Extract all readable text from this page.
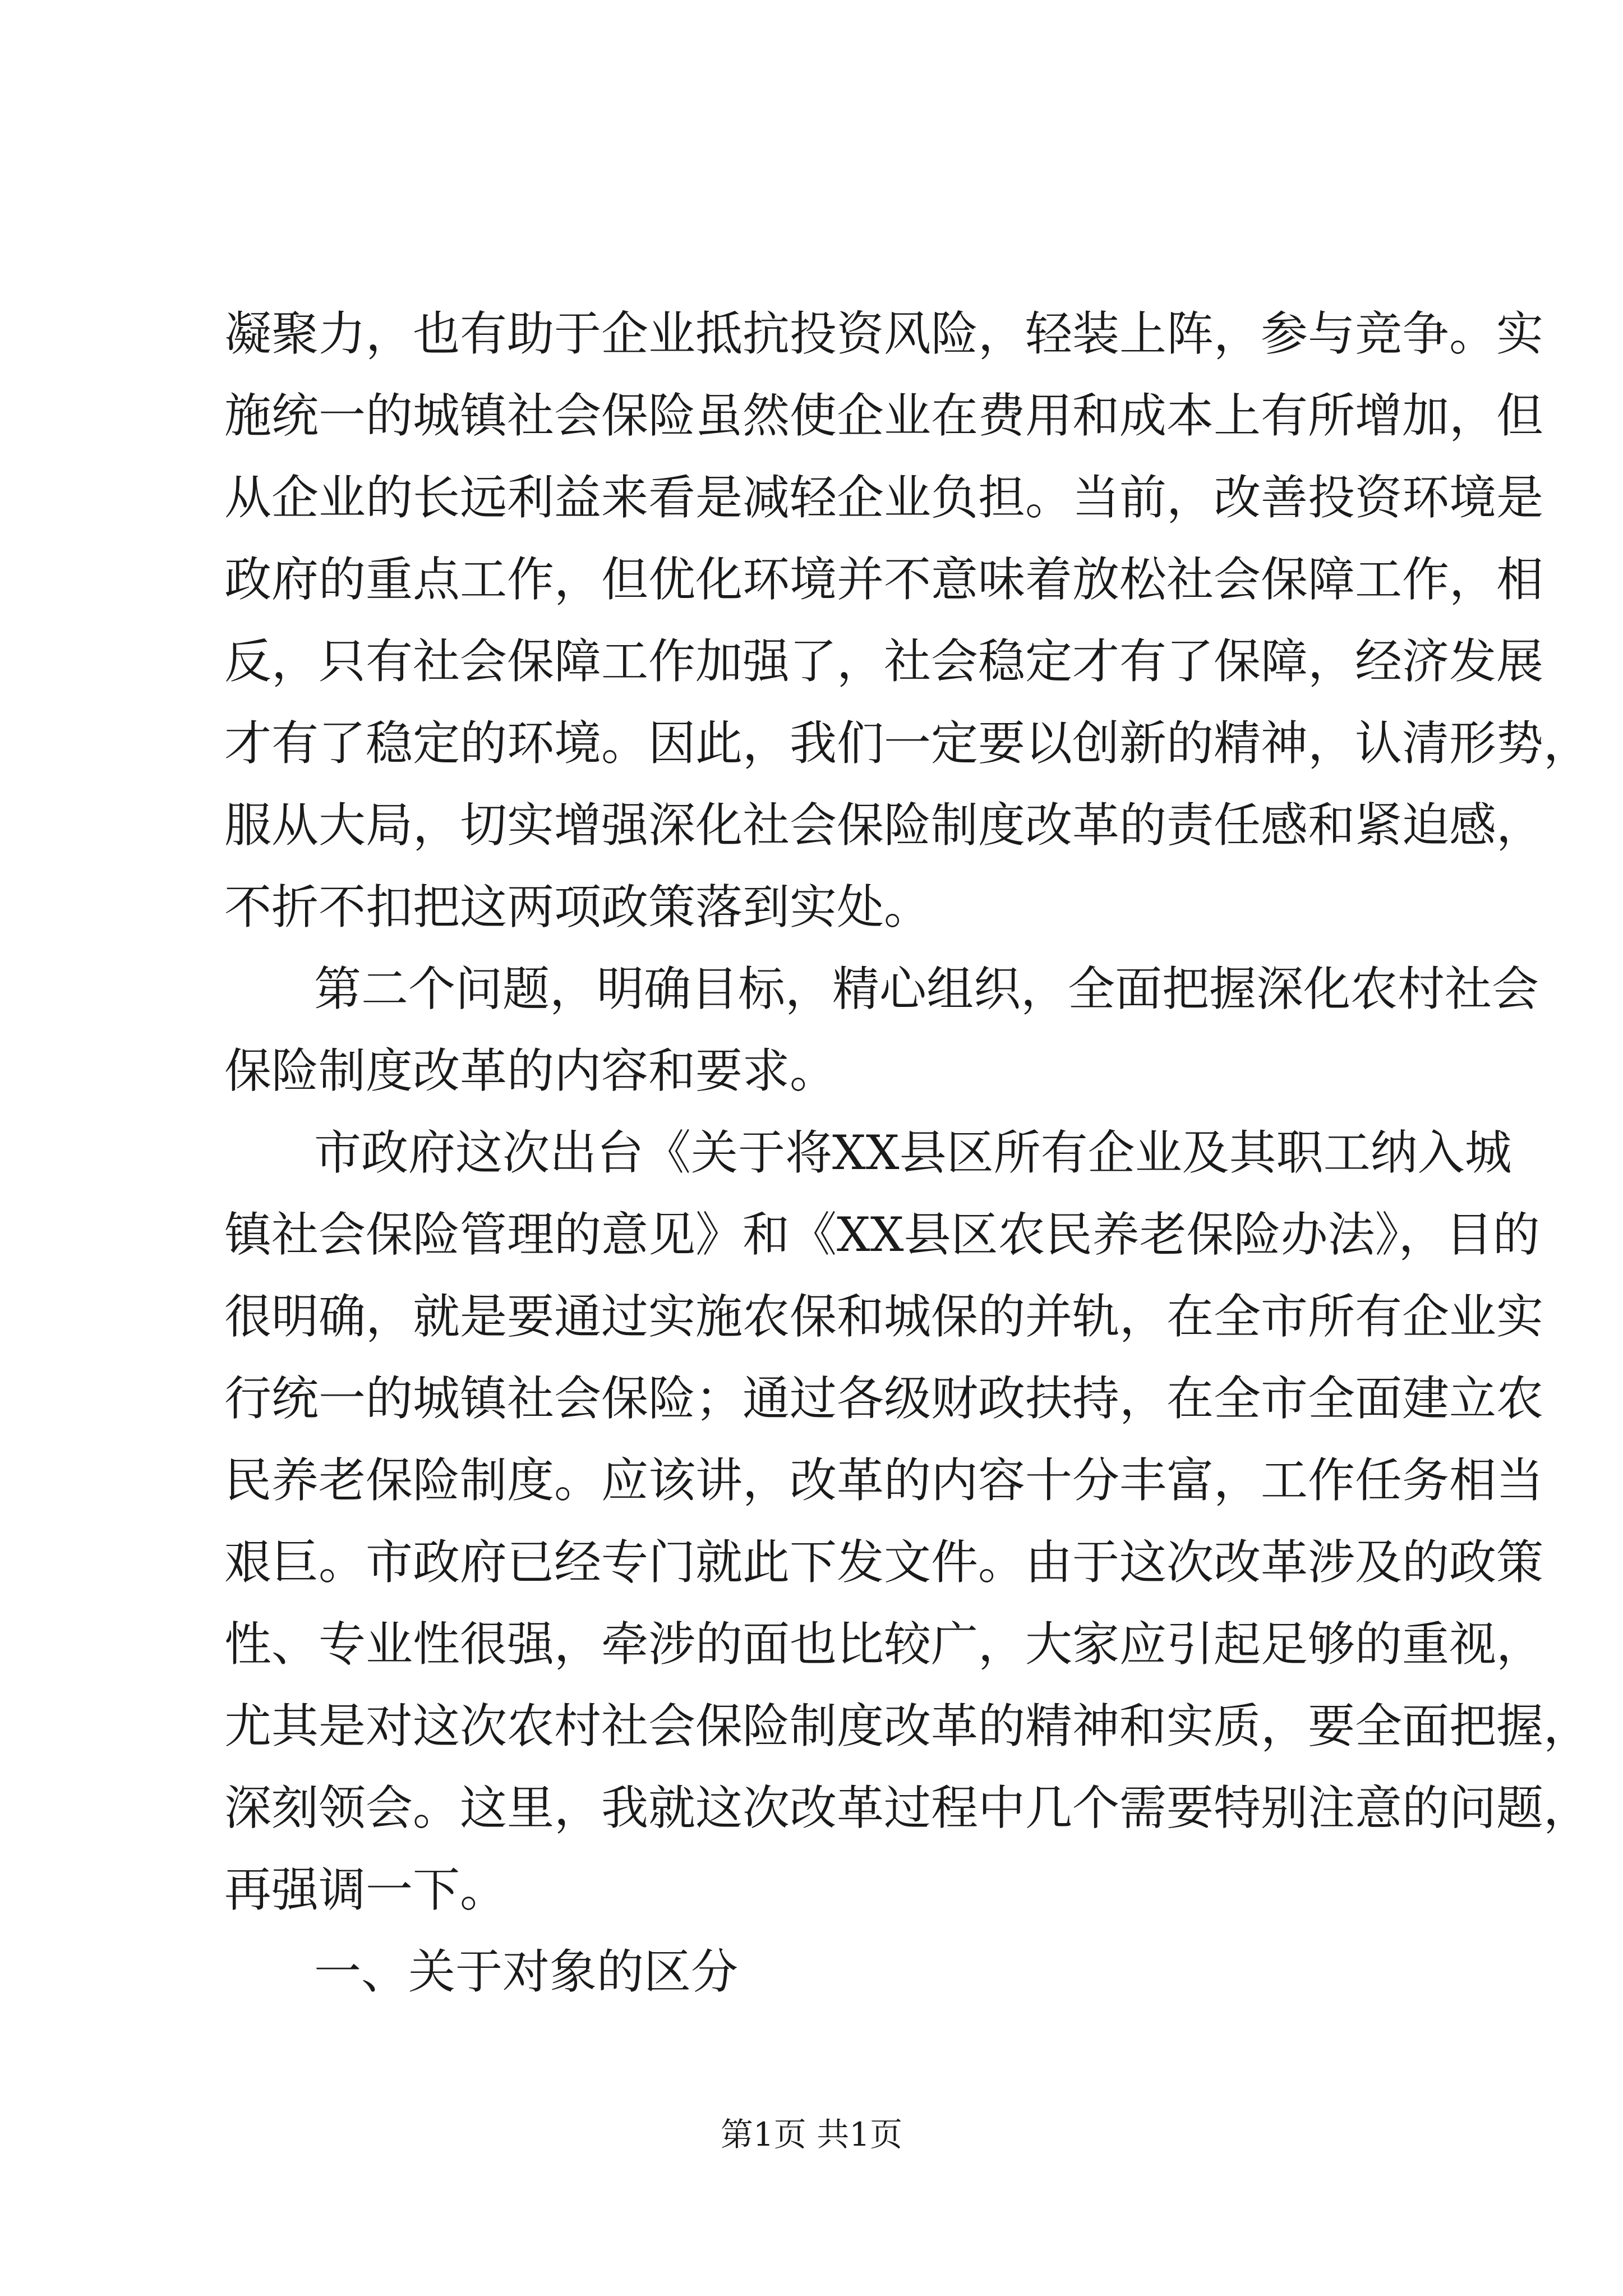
凝聚力，也有助于企业抵抗投资风险，轻装上阵，参与竞争。实
施统一的城镇社会保险虽然使企业在费用和成本上有所增加，但
从企业的长远利益来看是减轻企业负担。当前，改善投资环境是
政府的重点工作，但优化环境并不意味着放松社会保障工作，相
反，只有社会保障工作加强了，社会稳定才有了保障，经济发展
才有了稳定的环境。因此，我们一定要以创新的精神，认清形势，
服从大局，切实增强深化社会保险制度改革的责任感和紧迫感，
不折不扣把这两项政策落到实处。
第二个问题，明确目标，精心组织，全面把握深化农村社会
保险制度改革的内容和要求。
市政府这次出台《关于将XX县区所有企业及其职工纳入城
镇社会保险管理的意见》和《XX县区农民养老保险办法》，目的
很明确，就是要通过实施农保和城保的并轨，在全市所有企业实
行统一的城镇社会保险；通过各级财政扶持，在全市全面建立农
民养老保险制度。应该讲，改革的内容十分丰富，工作任务相当
艰巨。市政府已经专门就此下发文件。由于这次改革涉及的政策
性、专业性很强，牵涉的面也比较广，大家应引起足够的重视，
尤其是对这次农村社会保险制度改革的精神和实质，要全面把握，
深刻领会。这里，我就这次改革过程中几个需要特别注意的问题，
再强调一下。
一、关于对象的区分
第1页 共1页
